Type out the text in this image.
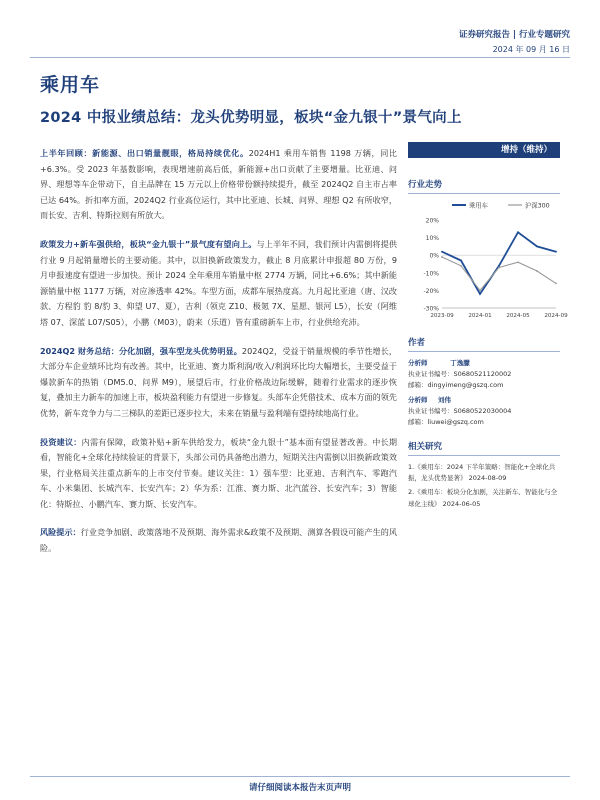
证券研究报告 | 行业专题研究
2024 年 09 月 16 日
乘用车
2024 中报业绩总结：龙头优势明显，板块“金九银十”景气向上

上半年回顾：新能源、出口销量靓眼，格局持续优化。2024H1 乘用车销售 1198 万辆，同比+6.3%。受 2023 年基数影响，表现增速前高后低，新能源+出口贡献了主要增量。比亚迪、问界、理想等车企带动下，自主品牌在 15 万元以上价格带份额持续提升，截至 2024Q2 自主市占率已达 64%。折扣率方面，2024Q2 行业高位运行，其中比亚迪、长城、问界、理想 Q2 有所收窄，而长安、吉利、特斯拉则有所放大。

政策发力+新车强供给，板块“金九银十”景气度有望向上。与上半年不同，我们预计内需倒将提供行业 9 月起销量增长的主要动能。其中，以旧换新政策发力，截止 8 月底累计申报超 80 万份，9 月申报速度有望进一步加快。预计 2024 全年乘用车销量中枢 2774 万辆，同比+6.6%；其中新能源销量中枢 1177 万辆，对应渗透率 42%。车型方面，成都车展热度高。九月起比亚迪（唐、汉改款、方程豹 豹 8/豹 3、仰望 U7、夏），吉利（领克 Z10、极氪 7X、星愿、银河 L5），长安（阿维塔 07、深蓝 L07/S05），小鹏（M03），蔚来（乐道）皆有重磅新车上市，行业供给充沛。

2024Q2 财务总结：分化加剧，强车型龙头优势明显。2024Q2，受益于销量规模的季节性增长，大部分车企业绩环比均有改善。其中，比亚迪、赛力斯利润/收入/利润环比均大幅增长，主要受益于爆款新车的热销（DM5.0、问界 M9），展望后市，行业价格战边际缓解，随着行业需求的逐步恢复，叠加主力新车的加速上市，板块盈利能力有望进一步修复。头部车企凭借技术、成本方面的领先优势，新车竞争力与二三梯队的差距已逐步拉大，未来在销量与盈利端有望持续地高行业。

投资建议：内需有保障，政策补贴+新车供给发力，板块“金九银十”基本面有望显著改善。中长期看，智能化+全球化持续验证的背景下，头部公司仍具备绝出潜力，短期关注内需倒以旧换新政策效果，行业格局关注重点新车的上市交付节奏。建议关注：1）强车型：比亚迪、吉利汽车、零跑汽车、小米集团、长城汽车、长安汽车；2）华为系：江淮、赛力斯、北汽蓝谷、长安汽车；3）智能化：特斯拉、小鹏汽车、赛力斯、长安汽车。

风险提示：行业竞争加剧、政策落地不及预期、海外需求&政策不及预期、测算各假设可能产生的风险。

增持（维持）
行业走势
乘用车	沪深300
20%
10%
0%
-10%
-20%
-30%
2023-09	2024-01	2024-05	2024-09
作者
分析师	丁逸朦
执业证书编号：S0680521120002
邮箱：dingyimeng@gszq.com
分析师 刘伟
执业证书编号：S0680522030004
邮箱：liuwei@gszq.com
相关研究
1.《乘用车：2024 下半年策略：智能化+全球化共振，龙头优势显著》 2024-08-09
2.《乘用车：板块分化加剧，关注新车、智能化与全球化主线》 2024-06-05
请仔细阅读本报告末页声明
